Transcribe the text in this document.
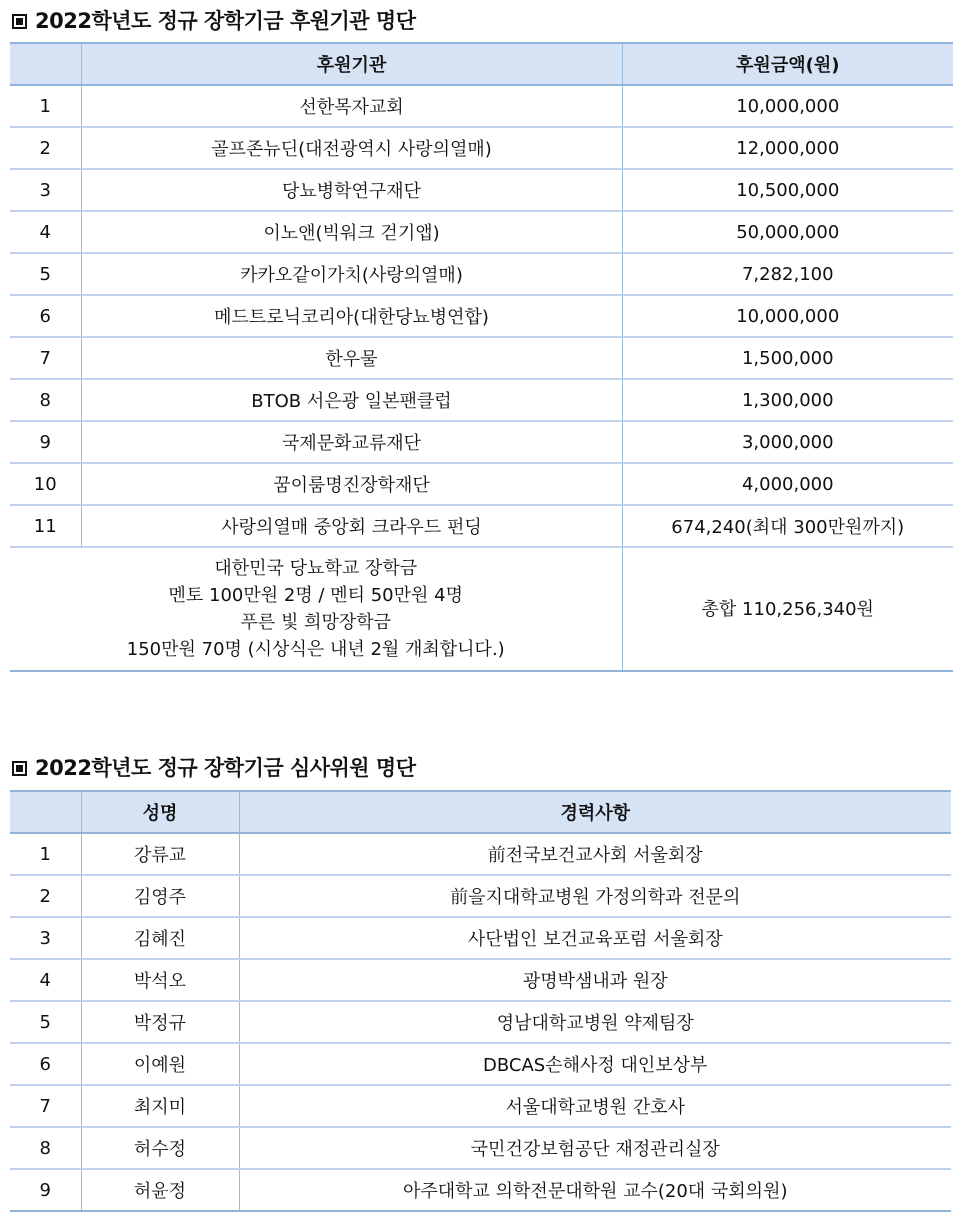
2022학년도 정규 장학기금 후원기관 명단
	후원기관	후원금액(원)
1	선한목자교회	10,000,000
2	골프존뉴딘(대전광역시 사랑의열매)	12,000,000
3	당뇨병학연구재단	10,500,000
4	이노앤(빅워크 걷기앱)	50,000,000
5	카카오같이가치(사랑의열매)	7,282,100
6	메드트로닉코리아(대한당뇨병연합)	10,000,000
7	한우물	1,500,000
8	BTOB 서은광 일본팬클럽	1,300,000
9	국제문화교류재단	3,000,000
10	꿈이룸명진장학재단	4,000,000
11	사랑의열매 중앙회 크라우드 펀딩	674,240(최대 300만원까지)

대한민국 당뇨학교 장학금
멘토 100만원 2명 / 멘티 50만원 4명
푸른 빛 희망장학금
150만원 70명 (시상식은 내년 2월 개최합니다.)		총합 110,256,340원
2022학년도 정규 장학기금 심사위원 명단
	성명	경력사항
1	강류교	前전국보건교사회 서울회장
2	김영주	前을지대학교병원 가정의학과 전문의
3	김혜진	사단법인 보건교육포럼 서울회장
4	박석오	광명박샘내과 원장
5	박정규	영남대학교병원 약제팀장
6	이예원	DBCAS손해사정 대인보상부
7	최지미	서울대학교병원 간호사
8	허수정	국민건강보험공단 재정관리실장
9	허윤정	아주대학교 의학전문대학원 교수(20대 국회의원)
